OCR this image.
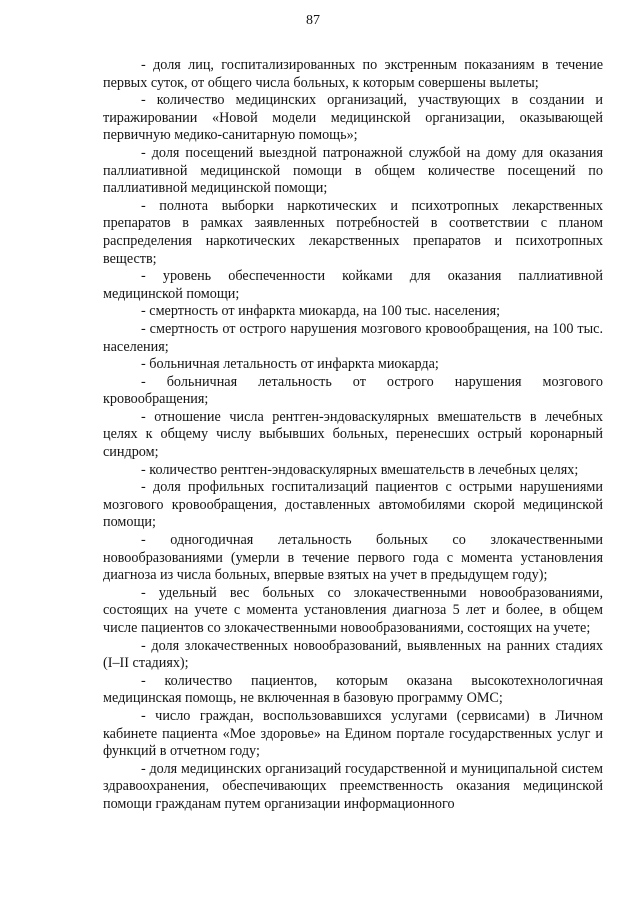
87

- доля лиц, госпитализированных по экстренным показаниям в течение первых суток, от общего числа больных, к которым совершены вылеты;

- количество медицинских организаций, участвующих в создании и тиражировании «Новой модели медицинской организации, оказывающей первичную медико-санитарную помощь»;

- доля посещений выездной патронажной службой на дому для оказания паллиативной медицинской помощи в общем количестве посещений по паллиативной медицинской помощи;

- полнота выборки наркотических и психотропных лекарственных препаратов в рамках заявленных потребностей в соответствии с планом распределения наркотических лекарственных препаратов и психотропных веществ;

- уровень обеспеченности койками для оказания паллиативной медицинской помощи;

- смертность от инфаркта миокарда, на 100 тыс. населения;

- смертность от острого нарушения мозгового кровообращения, на 100 тыс. населения;

- больничная летальность от инфаркта миокарда;

- больничная летальность от острого нарушения мозгового кровообращения;

- отношение числа рентген-эндоваскулярных вмешательств в лечебных целях к общему числу выбывших больных, перенесших острый коронарный синдром;

- количество рентген-эндоваскулярных вмешательств в лечебных целях;

- доля профильных госпитализаций пациентов с острыми нарушениями мозгового кровообращения, доставленных автомобилями скорой медицинской помощи;

- одногодичная летальность больных со злокачественными новообразованиями (умерли в течение первого года с момента установления диагноза из числа больных, впервые взятых на учет в предыдущем году);

- удельный вес больных со злокачественными новообразованиями, состоящих на учете с момента установления диагноза 5 лет и более, в общем числе пациентов со злокачественными новообразованиями, состоящих на учете;

- доля злокачественных новообразований, выявленных на ранних стадиях (I–II стадиях);

- количество пациентов, которым оказана высокотехнологичная медицинская помощь, не включенная в базовую программу ОМС;

- число граждан, воспользовавшихся услугами (сервисами) в Личном кабинете пациента «Мое здоровье» на Едином портале государственных услуг и функций в отчетном году;

- доля медицинских организаций государственной и муниципальной систем здравоохранения, обеспечивающих преемственность оказания медицинской помощи гражданам путем организации информационного
